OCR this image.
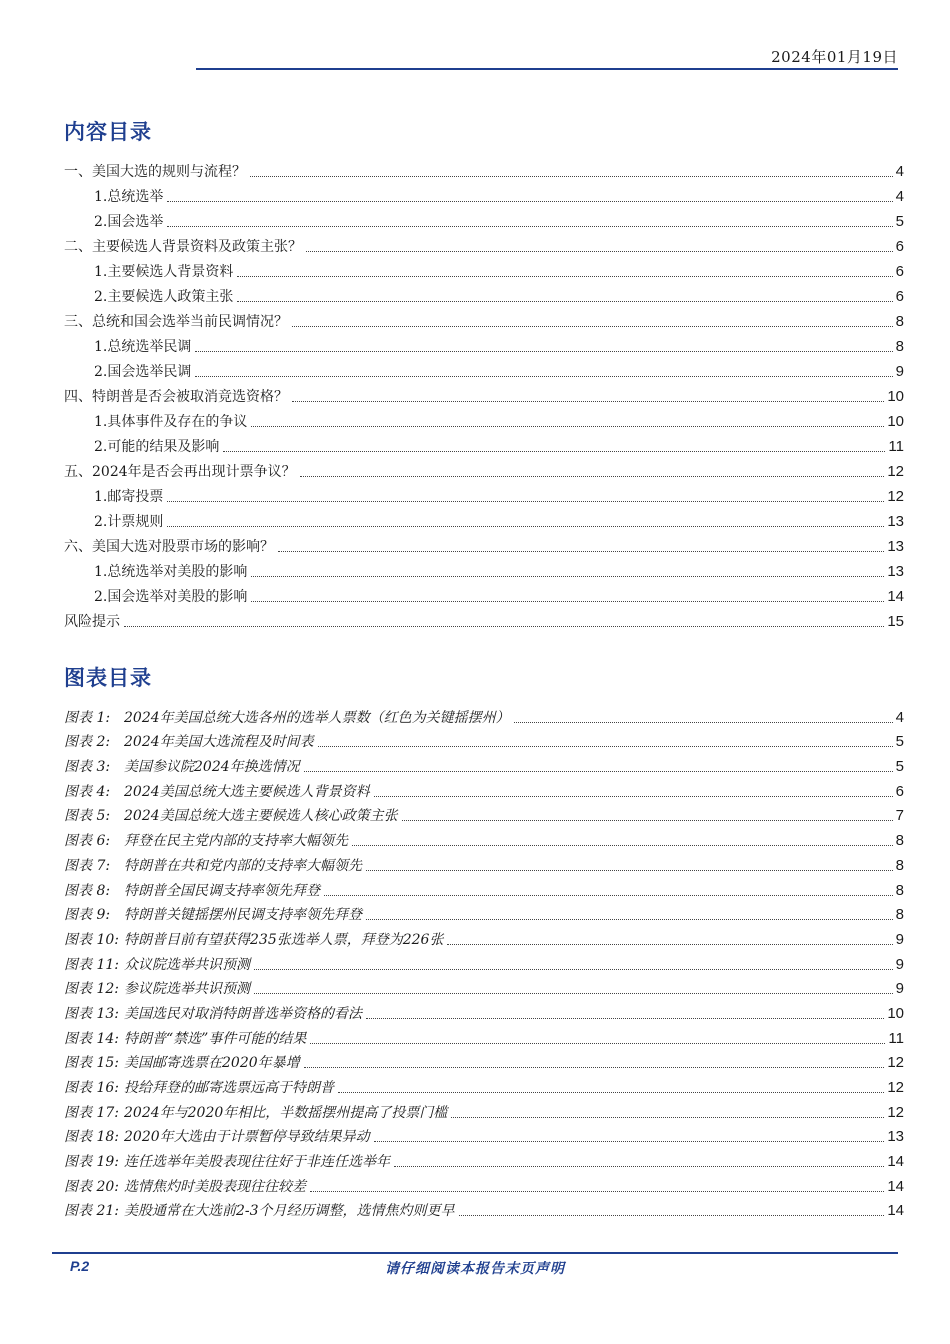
2024年01月19日
内容目录
一、美国大选的规则与流程？	4
1.总统选举	4
2.国会选举	5
二、主要候选人背景资料及政策主张？	6
1.主要候选人背景资料	6
2.主要候选人政策主张	6
三、总统和国会选举当前民调情况？	8
1.总统选举民调	8
2.国会选举民调	9
四、特朗普是否会被取消竞选资格？	10
1.具体事件及存在的争议	10
2.可能的结果及影响	11
五、2024年是否会再出现计票争议？	12
1.邮寄投票	12
2.计票规则	13
六、美国大选对股票市场的影响？	13
1.总统选举对美股的影响	13
2.国会选举对美股的影响	14
风险提示	15
图表目录
图表 1: 2024年美国总统大选各州的选举人票数（红色为关键摇摆州）	4
图表 2: 2024年美国大选流程及时间表	5
图表 3: 美国参议院2024年换选情况	5
图表 4: 2024美国总统大选主要候选人背景资料	6
图表 5: 2024美国总统大选主要候选人核心政策主张	7
图表 6: 拜登在民主党内部的支持率大幅领先	8
图表 7: 特朗普在共和党内部的支持率大幅领先	8
图表 8: 特朗普全国民调支持率领先拜登	8
图表 9: 特朗普关键摇摆州民调支持率领先拜登	8
图表 10: 特朗普目前有望获得235张选举人票，拜登为226张	9
图表 11: 众议院选举共识预测	9
图表 12: 参议院选举共识预测	9
图表 13: 美国选民对取消特朗普选举资格的看法	10
图表 14: 特朗普“禁选”事件可能的结果	11
图表 15: 美国邮寄选票在2020年暴增	12
图表 16: 投给拜登的邮寄选票远高于特朗普	12
图表 17: 2024年与2020年相比，半数摇摆州提高了投票门槛	12
图表 18: 2020年大选由于计票暂停导致结果异动	13
图表 19: 连任选举年美股表现往往好于非连任选举年	14
图表 20: 选情焦灼时美股表现往往较差	14
图表 21: 美股通常在大选前2-3个月经历调整，选情焦灼则更早	14
P.2	请仔细阅读本报告末页声明
